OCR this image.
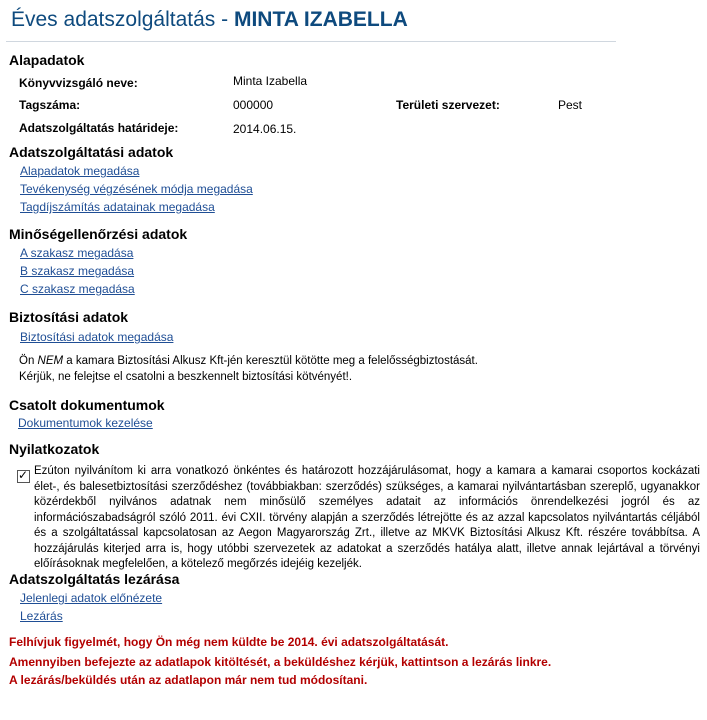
Éves adatszolgáltatás - MINTA IZABELLA
Alapadatok
Könyvvizsgáló neve:	Minta Izabella
Tagszáma:	000000	Területi szervezet:	Pest
Adatszolgáltatás határideje:	2014.06.15.
Adatszolgáltatási adatok
Alapadatok megadása
Tevékenység végzésének módja megadása
Tagdíjszámítás adatainak megadása
Minőségellenőrzési adatok
A szakasz megadása
B szakasz megadása
C szakasz megadása
Biztosítási adatok
Biztosítási adatok megadása
Ön NEM a kamara Biztosítási Alkusz Kft-jén keresztül kötötte meg a felelősségbiztostását.
Kérjük, ne felejtse el csatolni a beszkennelt biztosítási kötvényét!.
Csatolt dokumentumok
Dokumentumok kezelése
Nyilatkozatok
✓ Ezúton nyilvánítom ki arra vonatkozó önkéntes és határozott hozzájárulásomat, hogy a kamara a kamarai csoportos kockázati élet-, és balesetbiztosítási szerződéshez (továbbiakban: szerződés) szükséges, a kamarai nyilvántartásban szereplő, ugyanakkor közérdekből nyilvános adatnak nem minősülő személyes adatait az információs önrendelkezési jogról és az információszabadságról szóló 2011. évi CXII. törvény alapján a szerződés létrejötte és az azzal kapcsolatos nyilvántartás céljából és a szolgáltatással kapcsolatosan az Aegon Magyarország Zrt., illetve az MKVK Biztosítási Alkusz Kft. részére továbbítsa. A hozzájárulás kiterjed arra is, hogy utóbbi szervezetek az adatokat a szerződés hatálya alatt, illetve annak lejártával a törvényi előírásoknak megfelelően, a kötelező megőrzés idejéig kezeljék.
Adatszolgáltatás lezárása
Jelenlegi adatok előnézete
Lezárás
Felhívjuk figyelmét, hogy Ön még nem küldte be 2014. évi adatszolgáltatását.
Amennyiben befejezte az adatlapok kitöltését, a beküldéshez kérjük, kattintson a lezárás linkre.
A lezárás/beküldés után az adatlapon már nem tud módosítani.
